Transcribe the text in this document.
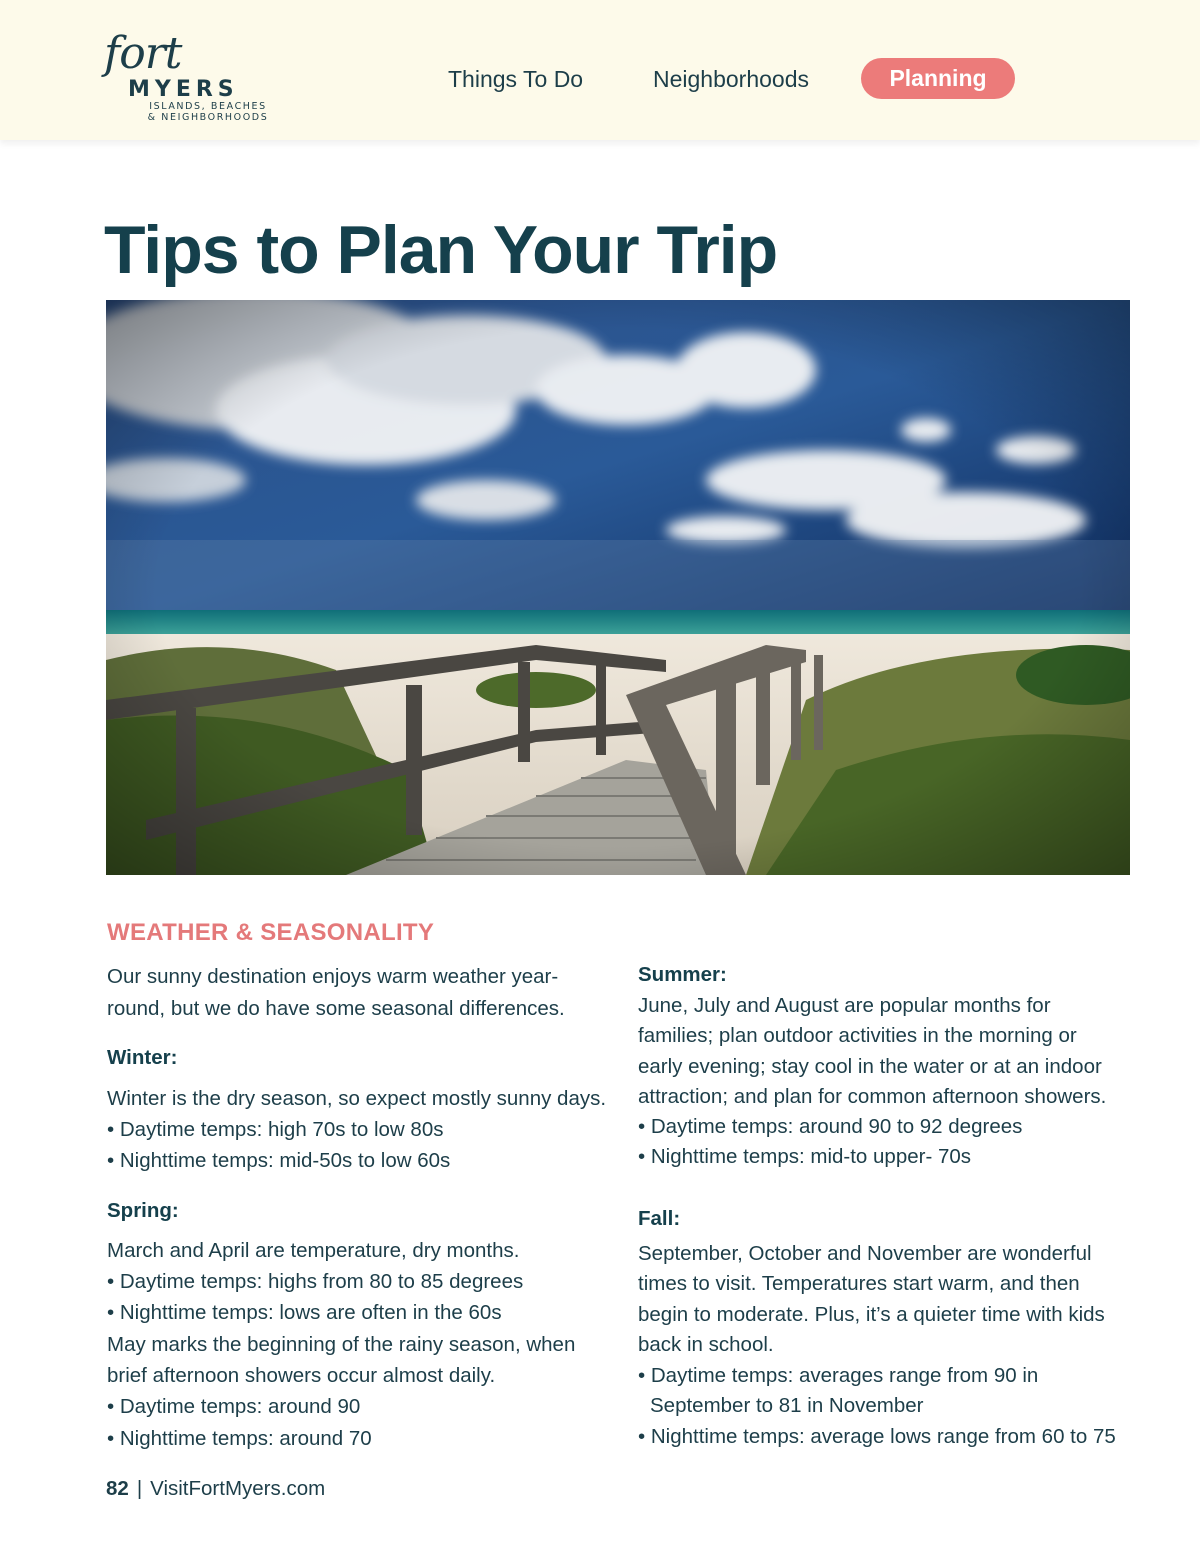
fort
MYERS
ISLANDS, BEACHES
& NEIGHBORHOODS
Things To Do	Neighborhoods	Planning
Tips to Plan Your Trip
WEATHER & SEASONALITY
Our sunny destination enjoys warm weather year-
round, but we do have some seasonal differences.
Winter:
Winter is the dry season, so expect mostly sunny days.
• Daytime temps: high 70s to low 80s
• Nighttime temps: mid-50s to low 60s
Spring:
March and April are temperature, dry months.
• Daytime temps: highs from 80 to 85 degrees
• Nighttime temps: lows are often in the 60s
May marks the beginning of the rainy season, when
brief afternoon showers occur almost daily.
• Daytime temps: around 90
• Nighttime temps: around 70
Summer:
June, July and August are popular months for
families; plan outdoor activities in the morning or
early evening; stay cool in the water or at an indoor
attraction; and plan for common afternoon showers.
• Daytime temps: around 90 to 92 degrees
• Nighttime temps: mid-to upper- 70s
Fall:
September, October and November are wonderful
times to visit. Temperatures start warm, and then
begin to moderate. Plus, it’s a quieter time with kids
back in school.
• Daytime temps: averages range from 90 in
September to 81 in November
• Nighttime temps: average lows range from 60 to 75
82 | VisitFortMyers.com
